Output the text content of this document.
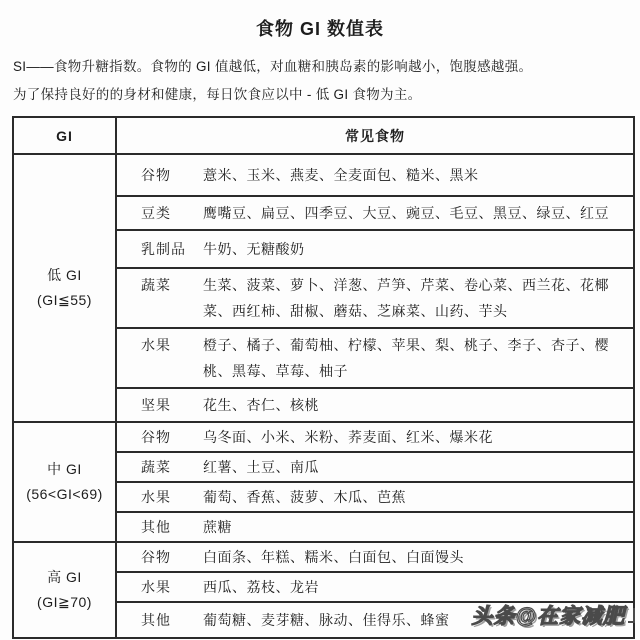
食物 GI 数值表

SI——食物升糖指数。食物的 GI 值越低，对血糖和胰岛素的影响越小，饱腹感越强。

为了保持良好的的身材和健康，每日饮食应以中 - 低 GI 食物为主。

GI	常见食物

低 GI
(GI≦55)

谷物	薏米、玉米、燕麦、全麦面包、糙米、黑米

	豆类 鹰嘴豆、扁豆、四季豆、大豆、豌豆、毛豆、黑豆、绿豆、红豆

	乳制品 牛奶、无糖酸奶

	蔬菜 生菜、菠菜、萝卜、洋葱、芦笋、芹菜、卷心菜、西兰花、花椰菜、西红柿、甜椒、蘑菇、芝麻菜、山药、芋头

	水果 橙子、橘子、葡萄柚、柠檬、苹果、梨、桃子、李子、杏子、樱桃、黑莓、草莓、柚子

	坚果 花生、杏仁、核桃

中 GI
(56<GI<69)

谷物	乌冬面、小米、米粉、荞麦面、红米、爆米花

	蔬菜 红薯、土豆、南瓜

	水果 葡萄、香蕉、菠萝、木瓜、芭蕉

	其他 蔗糖

高 GI
(GI≧70)

谷物	白面条、年糕、糯米、白面包、白面馒头

	水果 西瓜、荔枝、龙岩

	其他 葡萄糖、麦芽糖、脉动、佳得乐、蜂蜜	头条@在家减肥
